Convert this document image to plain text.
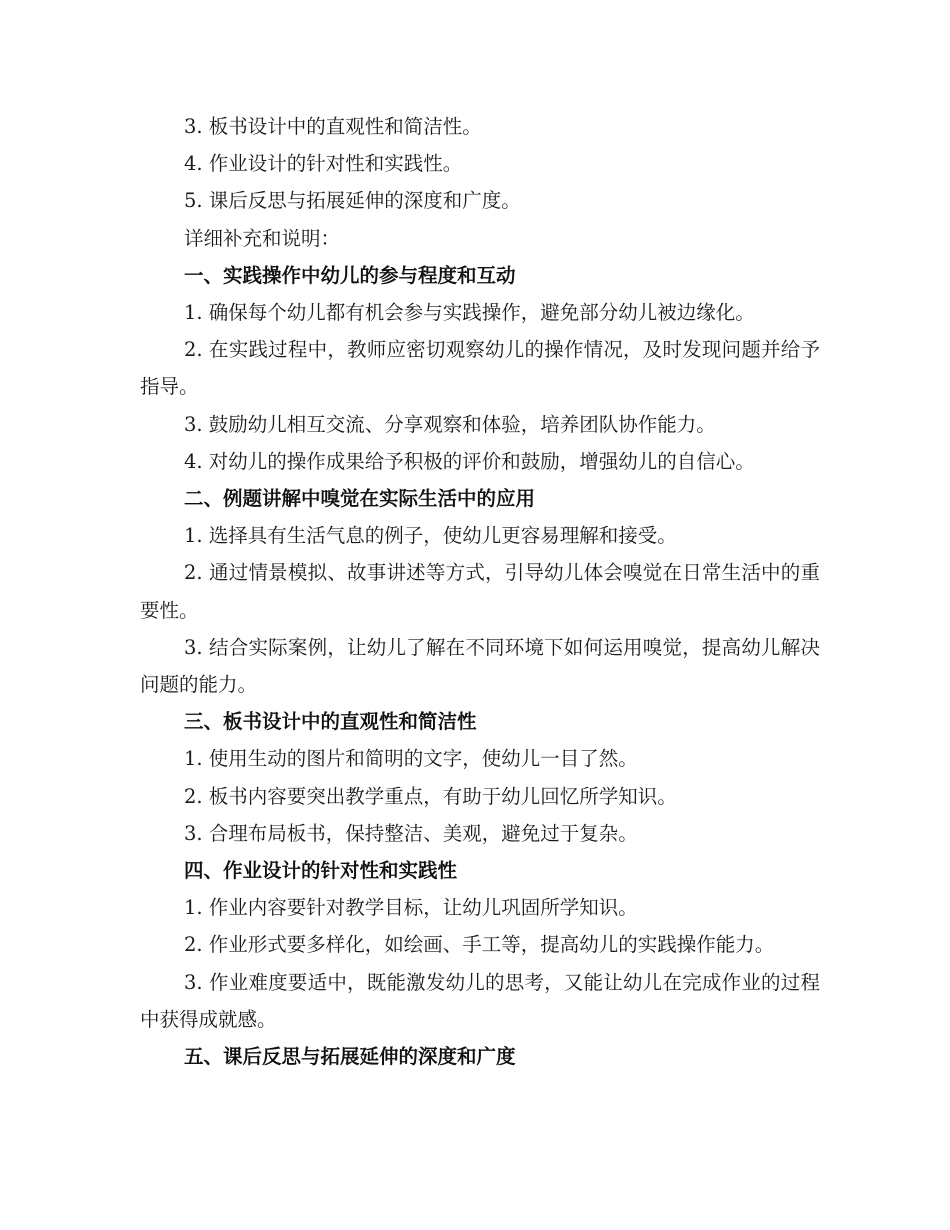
3. 板书设计中的直观性和简洁性。

4. 作业设计的针对性和实践性。

5. 课后反思与拓展延伸的深度和广度。

详细补充和说明：

一、实践操作中幼儿的参与程度和互动

1. 确保每个幼儿都有机会参与实践操作，避免部分幼儿被边缘化。

2. 在实践过程中，教师应密切观察幼儿的操作情况，及时发现问题并给予指导。

3. 鼓励幼儿相互交流、分享观察和体验，培养团队协作能力。

4. 对幼儿的操作成果给予积极的评价和鼓励，增强幼儿的自信心。

二、例题讲解中嗅觉在实际生活中的应用

1. 选择具有生活气息的例子，使幼儿更容易理解和接受。

2. 通过情景模拟、故事讲述等方式，引导幼儿体会嗅觉在日常生活中的重要性。

3. 结合实际案例，让幼儿了解在不同环境下如何运用嗅觉，提高幼儿解决问题的能力。

三、板书设计中的直观性和简洁性

1. 使用生动的图片和简明的文字，使幼儿一目了然。

2. 板书内容要突出教学重点，有助于幼儿回忆所学知识。

3. 合理布局板书，保持整洁、美观，避免过于复杂。

四、作业设计的针对性和实践性

1. 作业内容要针对教学目标，让幼儿巩固所学知识。

2. 作业形式要多样化，如绘画、手工等，提高幼儿的实践操作能力。

3. 作业难度要适中，既能激发幼儿的思考，又能让幼儿在完成作业的过程中获得成就感。

五、课后反思与拓展延伸的深度和广度
